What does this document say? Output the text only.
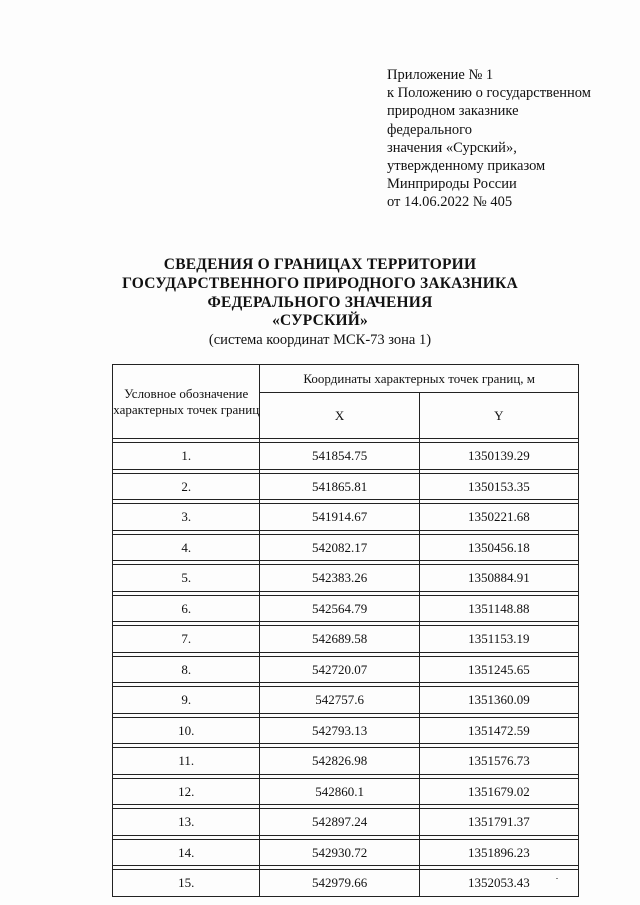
Приложение № 1
к Положению о государственном
природном заказнике
федерального
значения «Сурский»,
утвержденному приказом
Минприроды России
от 14.06.2022 № 405
СВЕДЕНИЯ О ГРАНИЦАХ ТЕРРИТОРИИ
ГОСУДАРСТВЕННОГО ПРИРОДНОГО ЗАКАЗНИКА
ФЕДЕРАЛЬНОГО ЗНАЧЕНИЯ
«СУРСКИЙ»
(система координат МСК-73 зона 1)
Условное обозначение характерных точек границ	Координаты характерных точек границ, м	
	X	Y

1.	541854.75	1350139.29

2.	541865.81	1350153.35

3.	541914.67	1350221.68

4.	542082.17	1350456.18

5.	542383.26	1350884.91

6.	542564.79	1351148.88

7.	542689.58	1351153.19

8.	542720.07	1351245.65

9.	542757.6	1351360.09

10.	542793.13	1351472.59

11.	542826.98	1351576.73

12.	542860.1	1351679.02

13.	542897.24	1351791.37

14.	542930.72	1351896.23

15.	542979.66	1352053.43
